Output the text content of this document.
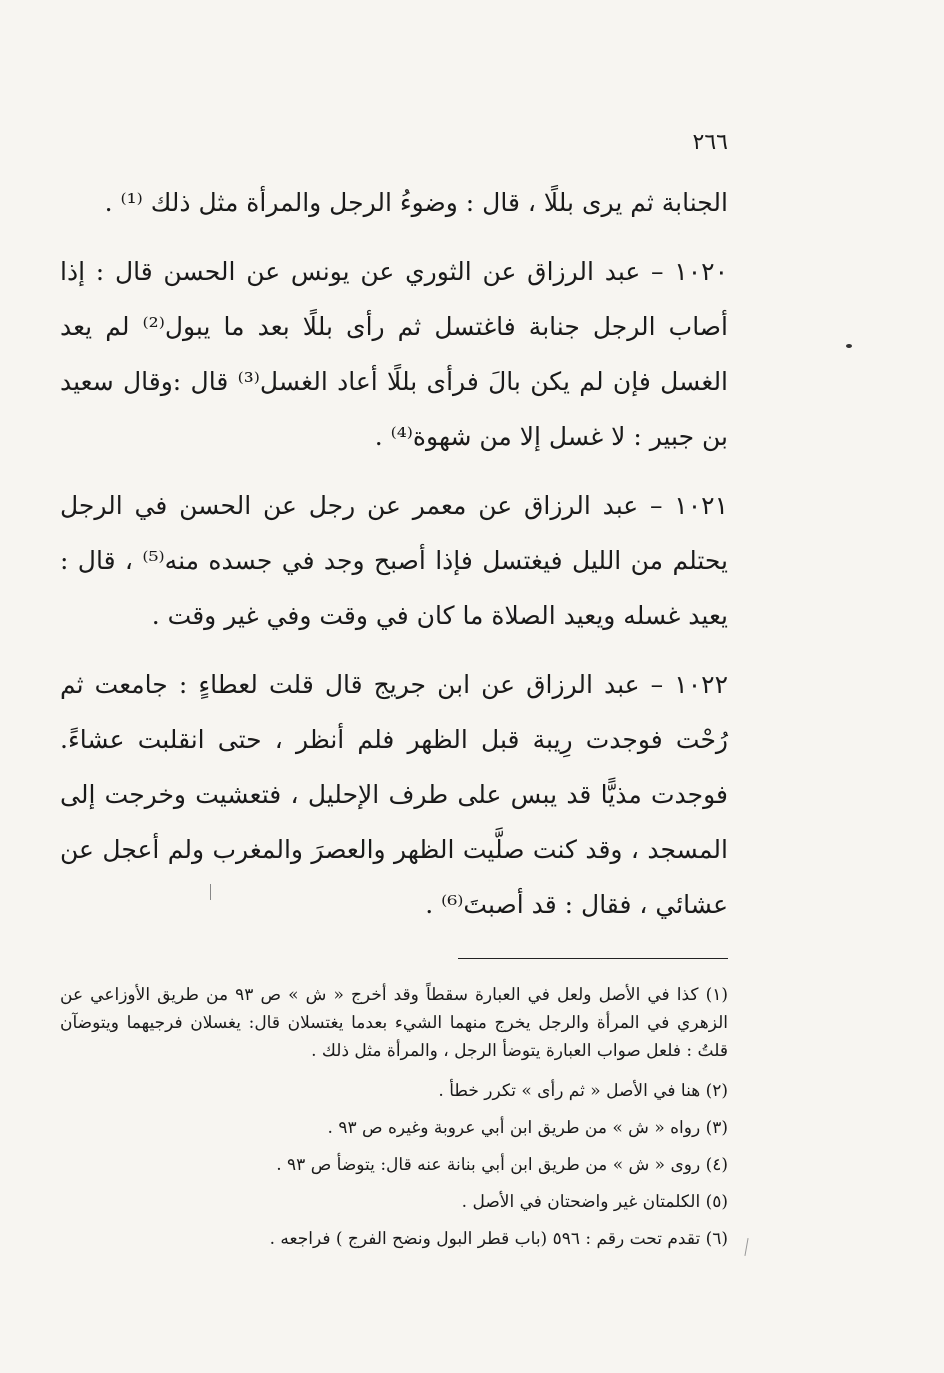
٢٦٦

الجنابة ثم يرى بللًا ، قال : وضوءُ الرجل والمرأة مثل ذلك ⁽¹⁾ .

١٠٢٠ – عبد الرزاق عن الثوري عن يونس عن الحسن قال : إذا أصاب الرجل جنابة فاغتسل ثم رأى بللًا بعد ما يبول⁽²⁾ لم يعد الغسل فإن لم يكن بالَ فرأى بللًا أعاد الغسل⁽³⁾ قال :وقال سعيد بن جبير : لا غسل إلا من شهوة⁽⁴⁾ .

١٠٢١ – عبد الرزاق عن معمر عن رجل عن الحسن في الرجل يحتلم من الليل فيغتسل فإذا أصبح وجد في جسده منه⁽⁵⁾ ، قال : يعيد غسله ويعيد الصلاة ما كان في وقت وفي غير وقت .

١٠٢٢ – عبد الرزاق عن ابن جريج قال قلت لعطاءٍ : جامعت ثم رُحْت فوجدت رِيبة قبل الظهر فلم أنظر ، حتى انقلبت عشاءً. فوجدت مذيًّا قد يبس على طرف الإحليل ، فتعشيت وخرجت إلى المسجد ، وقد كنت صلَّيت الظهر والعصرَ والمغرب ولم أعجل عن عشائي ، فقال : قد أصبتَ⁽⁶⁾ .

(١) كذا في الأصل ولعل في العبارة سقطاً وقد أخرج « ش » ص ٩٣ من طريق الأوزاعي عن الزهري في المرأة والرجل يخرج منهما الشيء بعدما يغتسلان قال: يغسلان فرجيهما ويتوضآن قلتُ : فلعل صواب العبارة يتوضأ الرجل ، والمرأة مثل ذلك .

(٢) هنا في الأصل « ثم رأى » تكرر خطأ .

(٣) رواه « ش » من طريق ابن أبي عروبة وغيره ص ٩٣ .

(٤) روى « ش » من طريق ابن أبي بنانة عنه قال: يتوضأ ص ٩٣ .

(٥) الكلمتان غير واضحتان في الأصل .

(٦) تقدم تحت رقم : ٥٩٦ (باب قطر البول ونضح الفرج ) فراجعه .
